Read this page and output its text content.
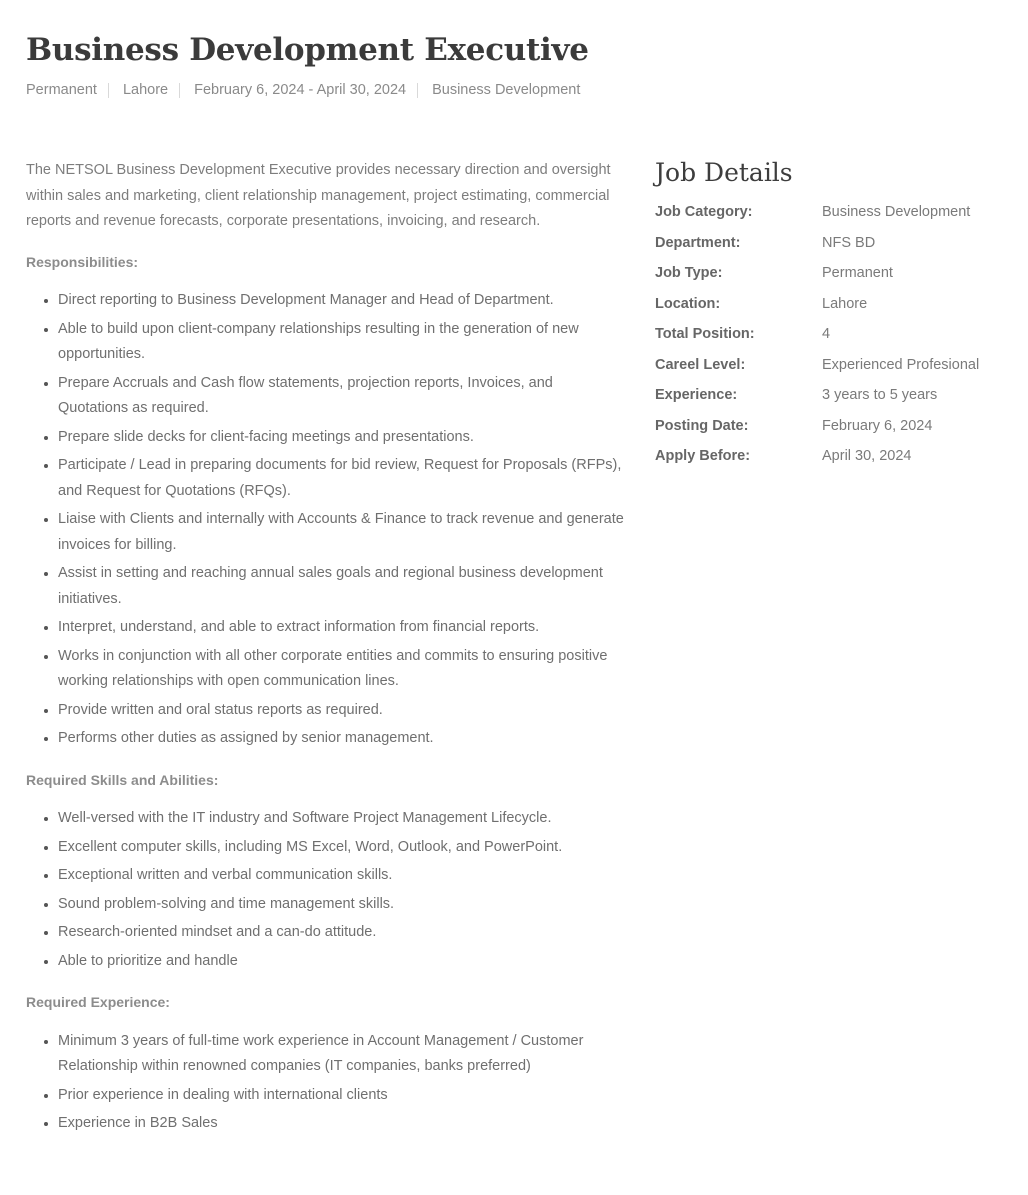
Business Development Executive
Permanent	Lahore	February 6, 2024 - April 30, 2024	Business Development

The NETSOL Business Development Executive provides necessary direction and oversight within sales and marketing, client relationship management, project estimating, commercial reports and revenue forecasts, corporate presentations, invoicing, and research.

Responsibilities:

• Direct reporting to Business Development Manager and Head of Department.
• Able to build upon client-company relationships resulting in the generation of new opportunities.
• Prepare Accruals and Cash flow statements, projection reports, Invoices, and Quotations as required.
• Prepare slide decks for client-facing meetings and presentations.
• Participate / Lead in preparing documents for bid review, Request for Proposals (RFPs), and Request for Quotations (RFQs).
• Liaise with Clients and internally with Accounts & Finance to track revenue and generate invoices for billing.
• Assist in setting and reaching annual sales goals and regional business development initiatives.
• Interpret, understand, and able to extract information from financial reports.
• Works in conjunction with all other corporate entities and commits to ensuring positive working relationships with open communication lines.
• Provide written and oral status reports as required.
• Performs other duties as assigned by senior management.

Required Skills and Abilities:

• Well-versed with the IT industry and Software Project Management Lifecycle.
• Excellent computer skills, including MS Excel, Word, Outlook, and PowerPoint.
• Exceptional written and verbal communication skills.
• Sound problem-solving and time management skills.
• Research-oriented mindset and a can-do attitude.
• Able to prioritize and handle

Required Experience:

• Minimum 3 years of full-time work experience in Account Management / Customer Relationship within renowned companies (IT companies, banks preferred)
• Prior experience in dealing with international clients
• Experience in B2B Sales
Job Details
Job Category:	Business Development
Department:	NFS BD
Job Type:	Permanent
Location:	Lahore
Total Position:	4
Careel Level:	Experienced Profesional
Experience:	3 years to 5 years
Posting Date:	February 6, 2024
Apply Before:	April 30, 2024
